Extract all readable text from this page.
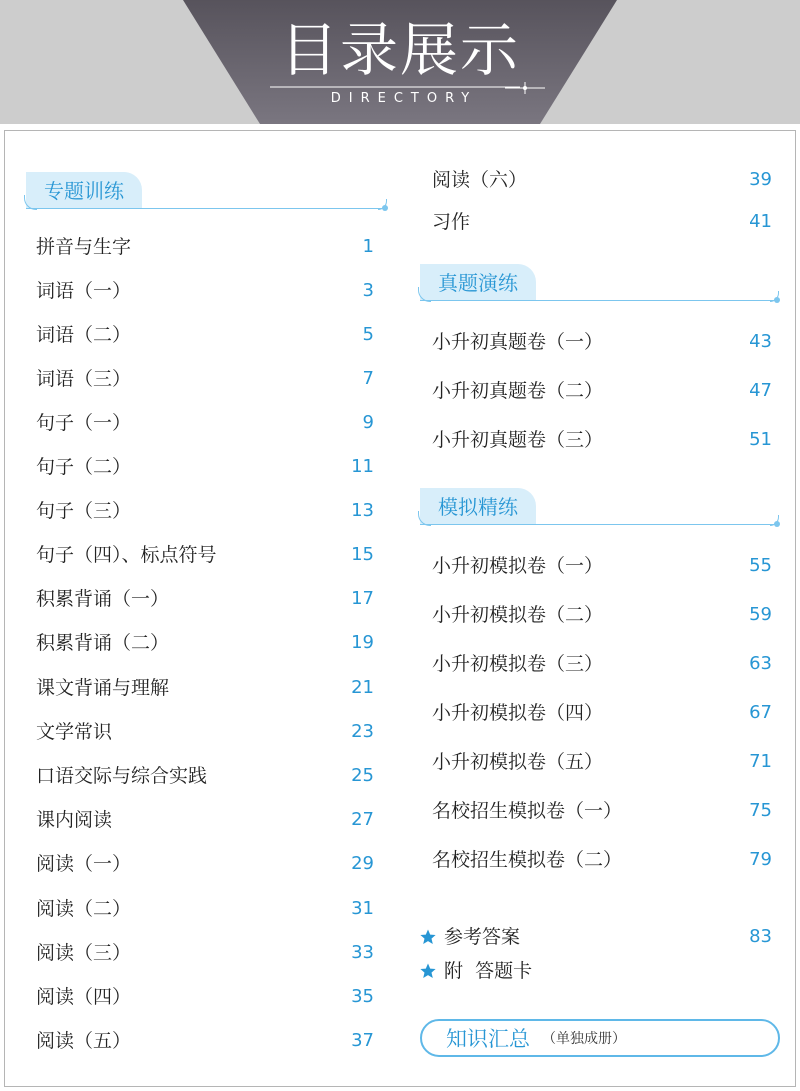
目录展示
DIRECTORY
专题训练
拼音与生字	1
词语（一）	3
词语（二）	5
词语（三）	7
句子（一）	9
句子（二）	11
句子（三）	13
句子（四）、标点符号	15
积累背诵（一）	17
积累背诵（二）	19
课文背诵与理解	21
文学常识	23
口语交际与综合实践	25
课内阅读	27
阅读（一）	29
阅读（二）	31
阅读（三）	33
阅读（四）	35
阅读（五）	37
阅读（六）	39
习作	41
真题演练
小升初真题卷（一）	43
小升初真题卷（二）	47
小升初真题卷（三）	51
模拟精练
小升初模拟卷（一）	55
小升初模拟卷（二）	59
小升初模拟卷（三）	63
小升初模拟卷（四）	67
小升初模拟卷（五）	71
名校招生模拟卷（一）	75
名校招生模拟卷（二）	79
参考答案	83
附  答题卡
知识汇总 （单独成册）
